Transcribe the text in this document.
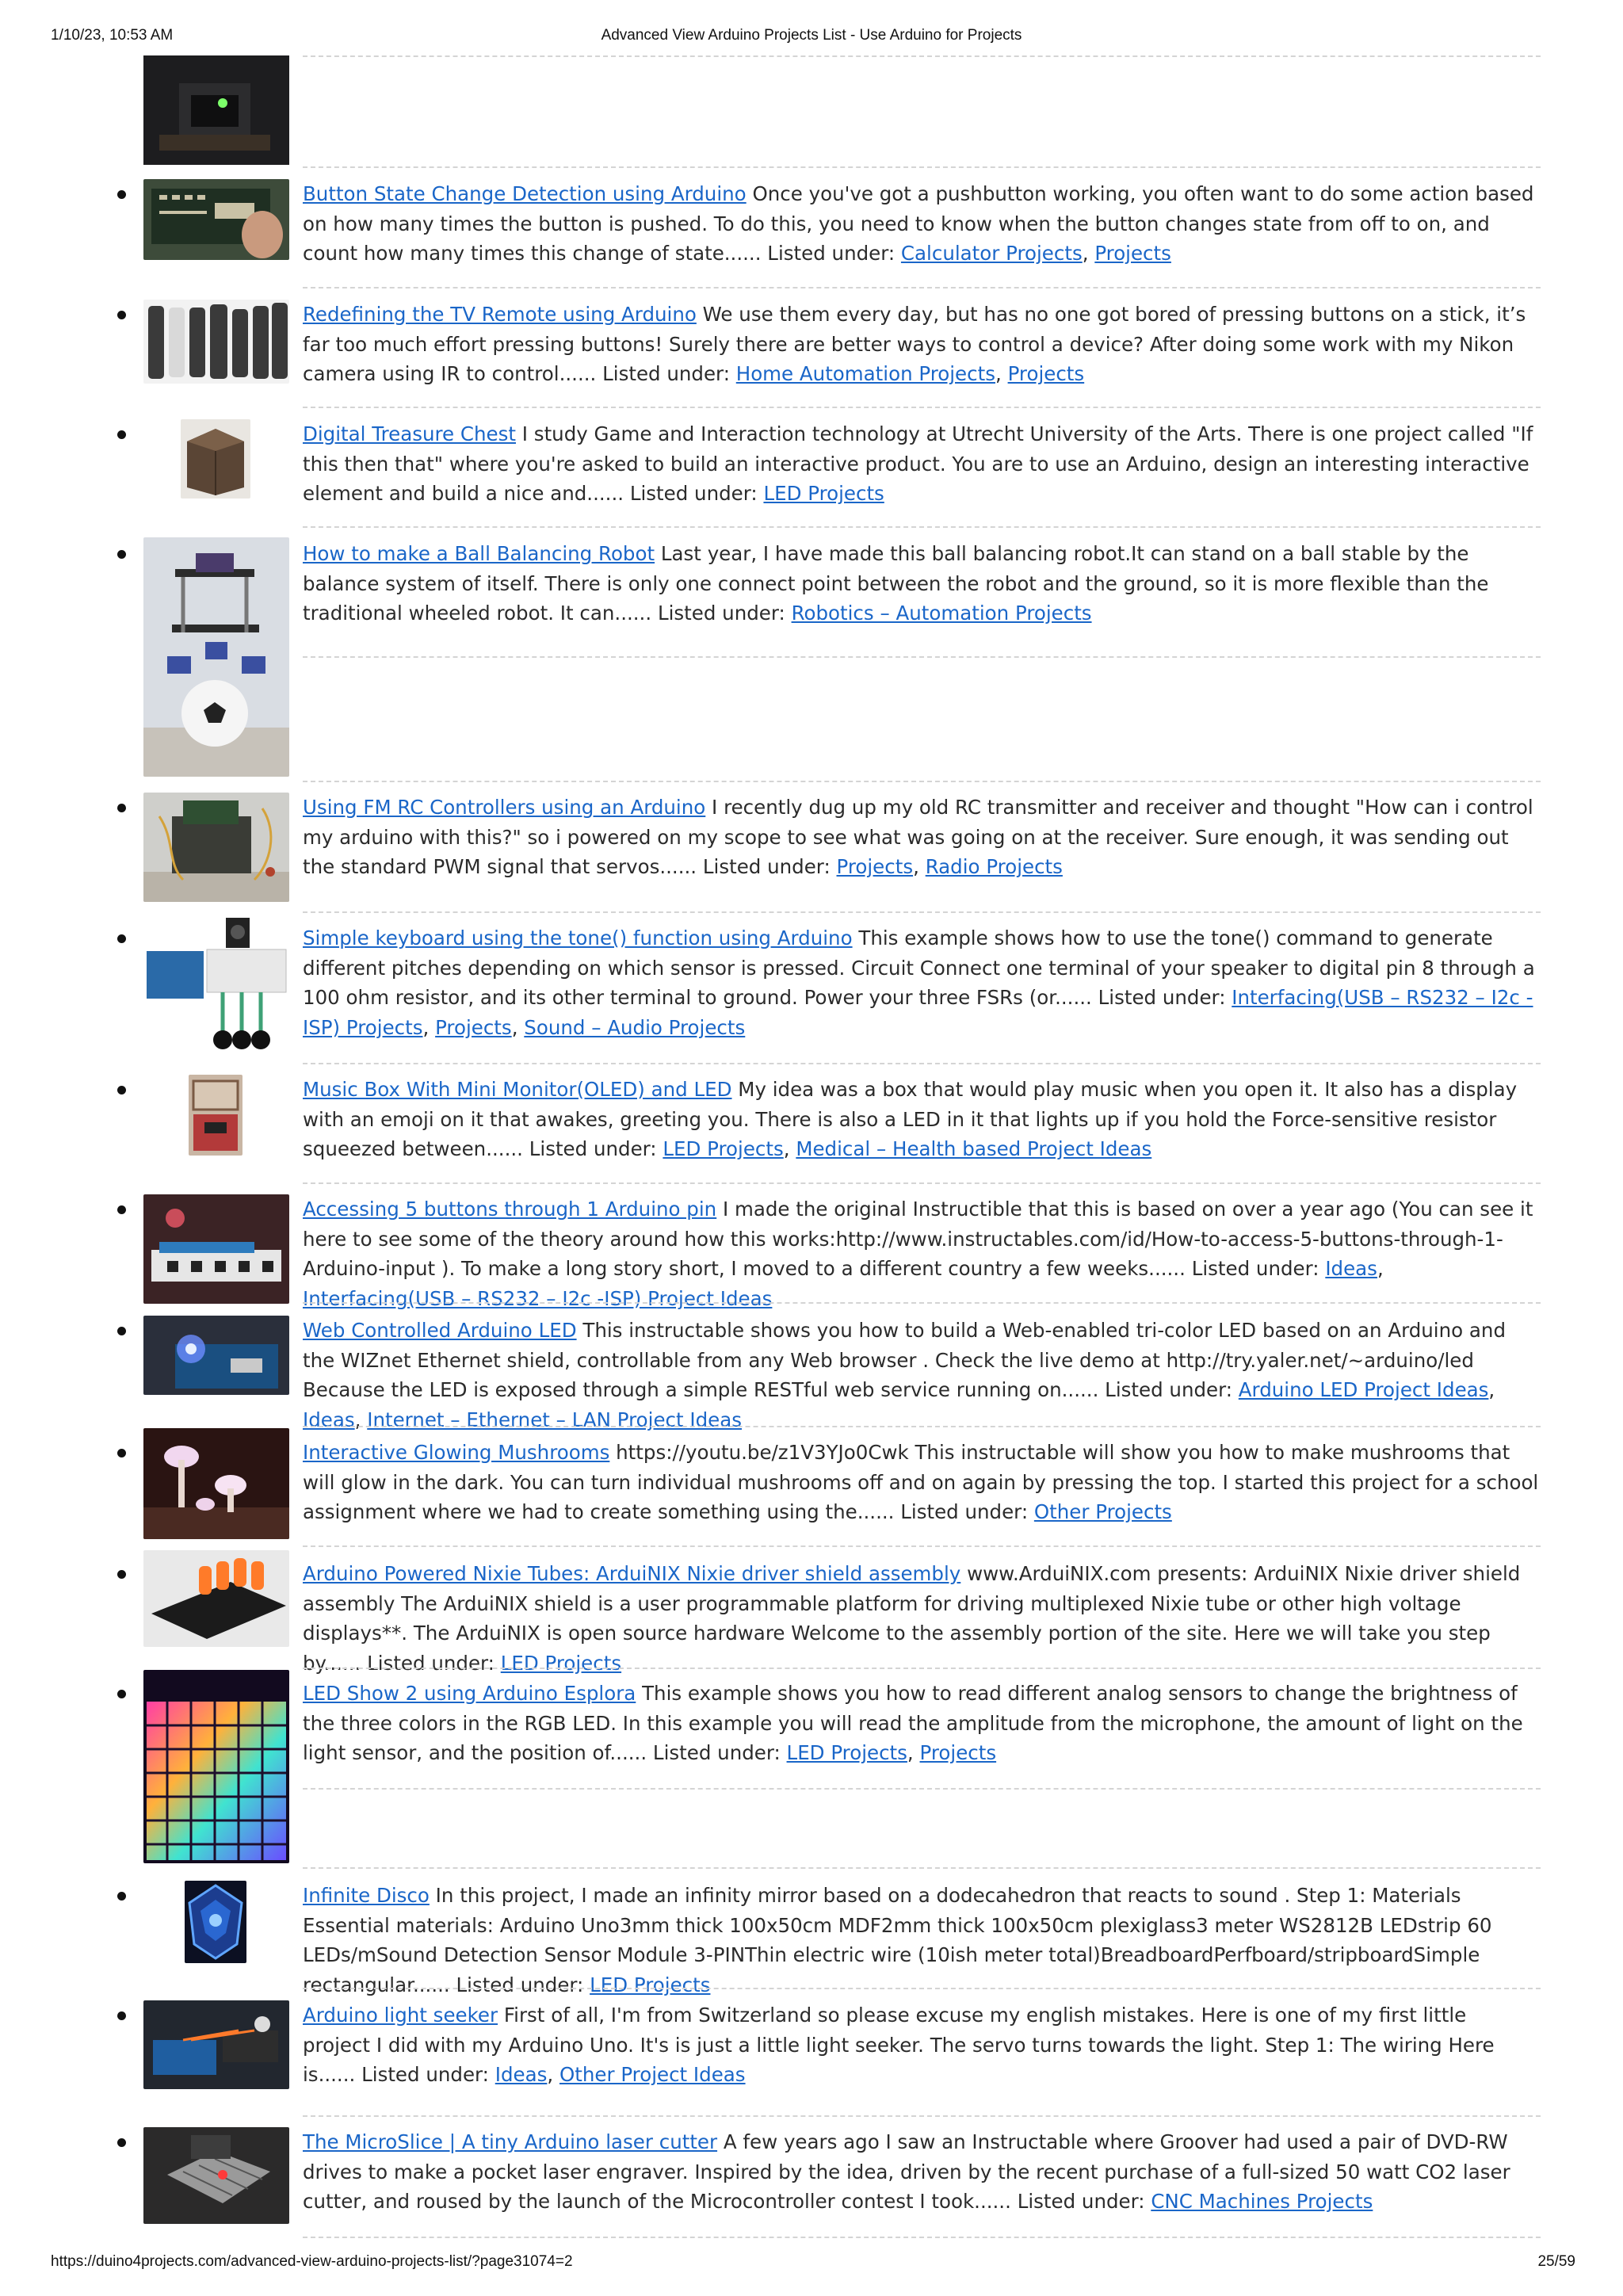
1/10/23, 10:53 AM	Advanced View Arduino Projects List - Use Arduino for Projects
Button State Change Detection using Arduino Once you've got a pushbutton working, you often want to do some action based on how many times the button is pushed. To do this, you need to know when the button changes state from off to on, and count how many times this change of state...... Listed under: Calculator Projects, Projects
Redefining the TV Remote using Arduino We use them every day, but has no one got bored of pressing buttons on a stick, it’s far too much effort pressing buttons! Surely there are better ways to control a device? After doing some work with my Nikon camera using IR to control...... Listed under: Home Automation Projects, Projects
Digital Treasure Chest I study Game and Interaction technology at Utrecht University of the Arts. There is one project called "If this then that" where you're asked to build an interactive product. You are to use an Arduino, design an interesting interactive element and build a nice and...... Listed under: LED Projects
How to make a Ball Balancing Robot Last year, I have made this ball balancing robot.It can stand on a ball stable by the balance system of itself. There is only one connect point between the robot and the ground, so it is more flexible than the traditional wheeled robot. It can...... Listed under: Robotics – Automation Projects
Using FM RC Controllers using an Arduino I recently dug up my old RC transmitter and receiver and thought "How can i control my arduino with this?" so i powered on my scope to see what was going on at the receiver. Sure enough, it was sending out the standard PWM signal that servos...... Listed under: Projects, Radio Projects
Simple keyboard using the tone() function using Arduino This example shows how to use the tone() command to generate different pitches depending on which sensor is pressed. Circuit Connect one terminal of your speaker to digital pin 8 through a 100 ohm resistor, and its other terminal to ground. Power your three FSRs (or...... Listed under: Interfacing(USB – RS232 – I2c -ISP) Projects, Projects, Sound – Audio Projects
Music Box With Mini Monitor(OLED) and LED My idea was a box that would play music when you open it. It also has a display with an emoji on it that awakes, greeting you. There is also a LED in it that lights up if you hold the Force-sensitive resistor squeezed between...... Listed under: LED Projects, Medical – Health based Project Ideas
Accessing 5 buttons through 1 Arduino pin I made the original Instructible that this is based on over a year ago (You can see it here to see some of the theory around how this works:http://www.instructables.com/id/How-to-access-5-buttons-through-1-Arduino-input ). To make a long story short, I moved to a different country a few weeks...... Listed under: Ideas, Interfacing(USB – RS232 – I2c -ISP) Project Ideas
Web Controlled Arduino LED This instructable shows you how to build a Web-enabled tri-color LED based on an Arduino and the WIZnet Ethernet shield, controllable from any Web browser . Check the live demo at http://try.yaler.net/~arduino/led Because the LED is exposed through a simple RESTful web service running on...... Listed under: Arduino LED Project Ideas, Ideas, Internet – Ethernet – LAN Project Ideas
Interactive Glowing Mushrooms https://youtu.be/z1V3YJo0Cwk This instructable will show you how to make mushrooms that will glow in the dark. You can turn individual mushrooms off and on again by pressing the top. I started this project for a school assignment where we had to create something using the...... Listed under: Other Projects
Arduino Powered Nixie Tubes: ArduiNIX Nixie driver shield assembly www.ArduiNIX.com presents: ArduiNIX Nixie driver shield assembly The ArduiNIX shield is a user programmable platform for driving multiplexed Nixie tube or other high voltage displays**. The ArduiNIX is open source hardware Welcome to the assembly portion of the site. Here we will take you step by...... Listed under: LED Projects
LED Show 2 using Arduino Esplora This example shows you how to read different analog sensors to change the brightness of the three colors in the RGB LED. In this example you will read the amplitude from the microphone, the amount of light on the light sensor, and the position of...... Listed under: LED Projects, Projects
Infinite Disco In this project, I made an infinity mirror based on a dodecahedron that reacts to sound . Step 1: Materials Essential materials: Arduino Uno3mm thick 100x50cm MDF2mm thick 100x50cm plexiglass3 meter WS2812B LEDstrip 60 LEDs/mSound Detection Sensor Module 3-PINThin electric wire (10ish meter total)BreadboardPerfboard/stripboardSimple rectangular...... Listed under: LED Projects
Arduino light seeker First of all, I'm from Switzerland so please excuse my english mistakes. Here is one of my first little project I did with my Arduino Uno. It's is just a little light seeker. The servo turns towards the light. Step 1: The wiring Here is...... Listed under: Ideas, Other Project Ideas
The MicroSlice | A tiny Arduino laser cutter A few years ago I saw an Instructable where Groover had used a pair of DVD-RW drives to make a pocket laser engraver. Inspired by the idea, driven by the recent purchase of a full-sized 50 watt CO2 laser cutter, and roused by the launch of the Microcontroller contest I took...... Listed under: CNC Machines Projects
https://duino4projects.com/advanced-view-arduino-projects-list/?page31074=2	25/59
